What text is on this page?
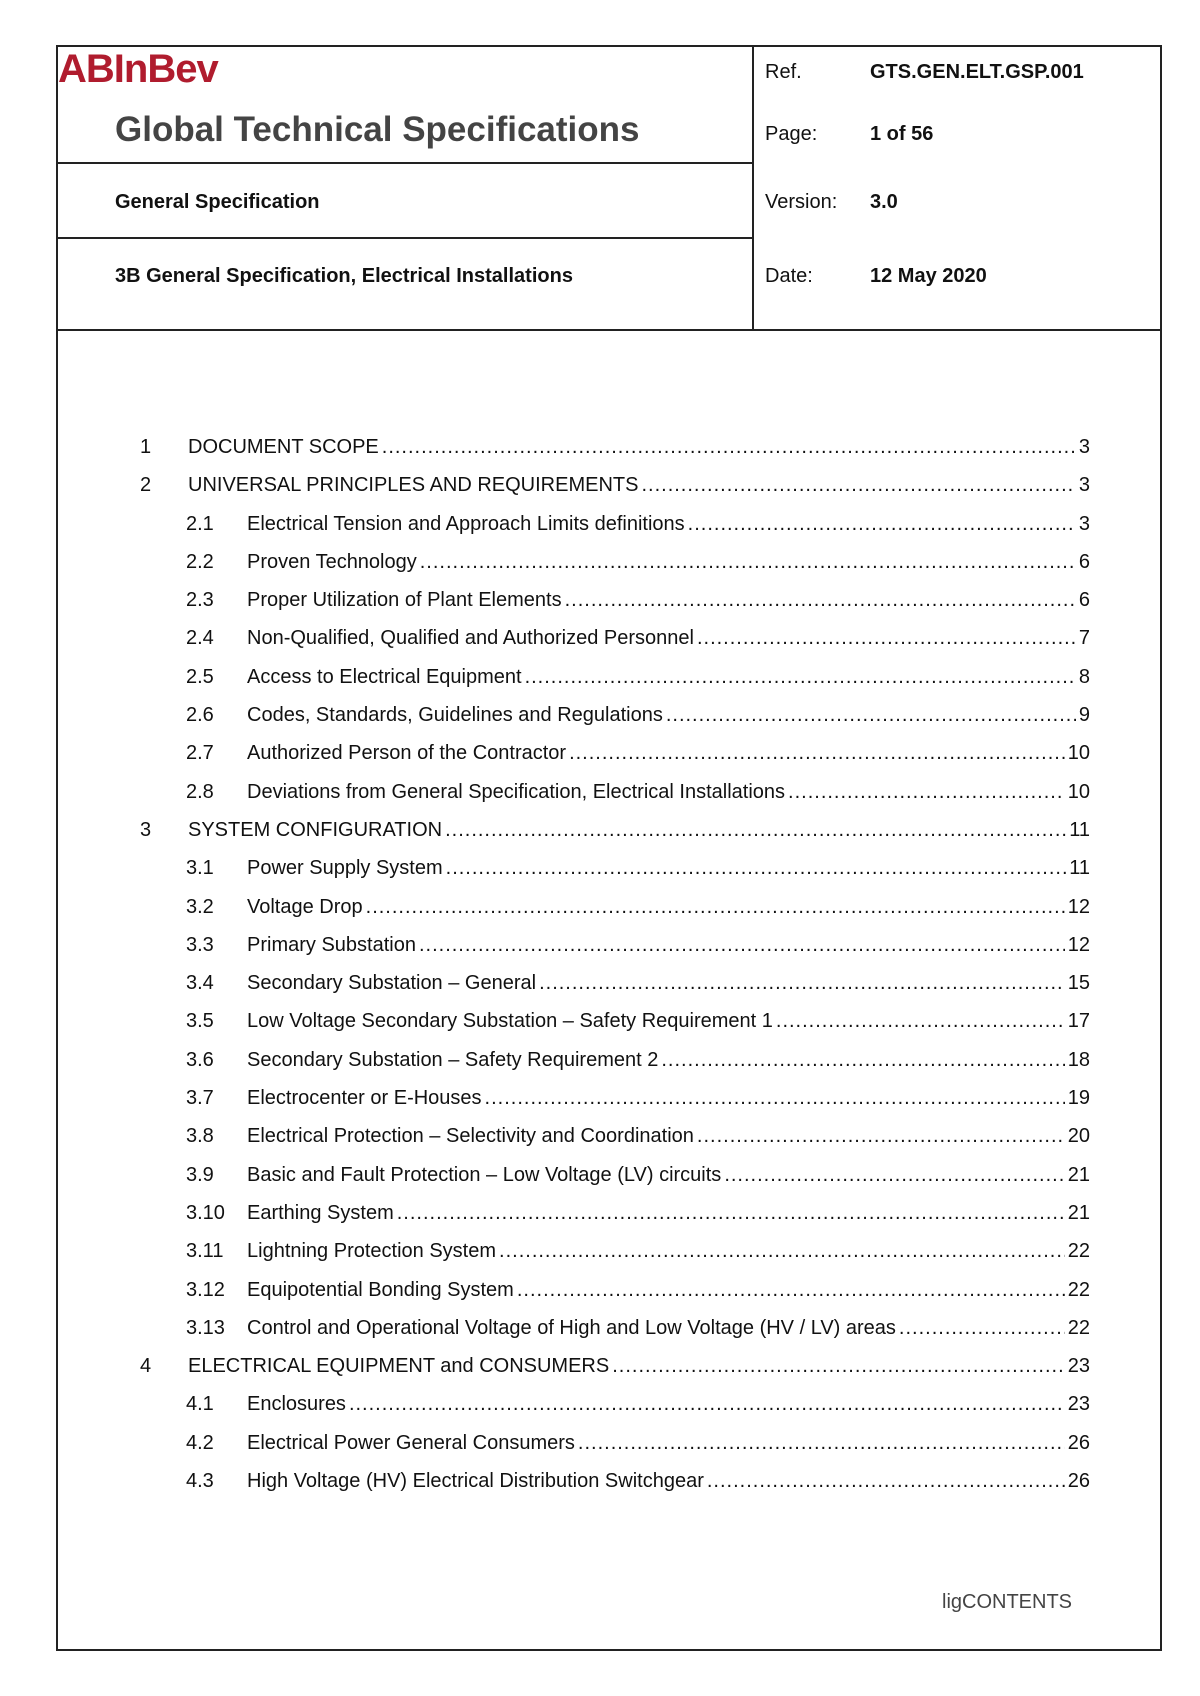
ABInBev
Global Technical Specifications
General Specification
3B General Specification, Electrical Installations
Ref.	GTS.GEN.ELT.GSP.001
Page:	1 of 56
Version: 3.0
Date:	12 May 2020
1 DOCUMENT SCOPE .....	3
2 UNIVERSAL PRINCIPLES AND REQUIREMENTS .....	3
2.1 Electrical Tension and Approach Limits definitions .....	3
2.2 Proven Technology .....	6
2.3 Proper Utilization of Plant Elements .....	6
2.4 Non-Qualified, Qualified and Authorized Personnel .....	7
2.5 Access to Electrical Equipment .....	8
2.6 Codes, Standards, Guidelines and Regulations .....	9
2.7 Authorized Person of the Contractor .....	10
2.8 Deviations from General Specification, Electrical Installations .....	10
3 SYSTEM CONFIGURATION .....	11
3.1 Power Supply System .....	11
3.2 Voltage Drop .....	12
3.3 Primary Substation .....	12
3.4 Secondary Substation – General .....	15
3.5 Low Voltage Secondary Substation – Safety Requirement 1 .....	17
3.6 Secondary Substation – Safety Requirement 2 .....	18
3.7 Electrocenter or E-Houses .....	19
3.8 Electrical Protection – Selectivity and Coordination .....	20
3.9 Basic and Fault Protection – Low Voltage (LV) circuits .....	21
3.10 Earthing System .....	21
3.11 Lightning Protection System .....	22
3.12 Equipotential Bonding System .....	22
3.13 Control and Operational Voltage of High and Low Voltage (HV / LV) areas .....	22
4 ELECTRICAL EQUIPMENT and CONSUMERS .....	23
4.1 Enclosures .....	23
4.2 Electrical Power General Consumers .....	26
4.3 High Voltage (HV) Electrical Distribution Switchgear .....	26
ligCONTENTS
